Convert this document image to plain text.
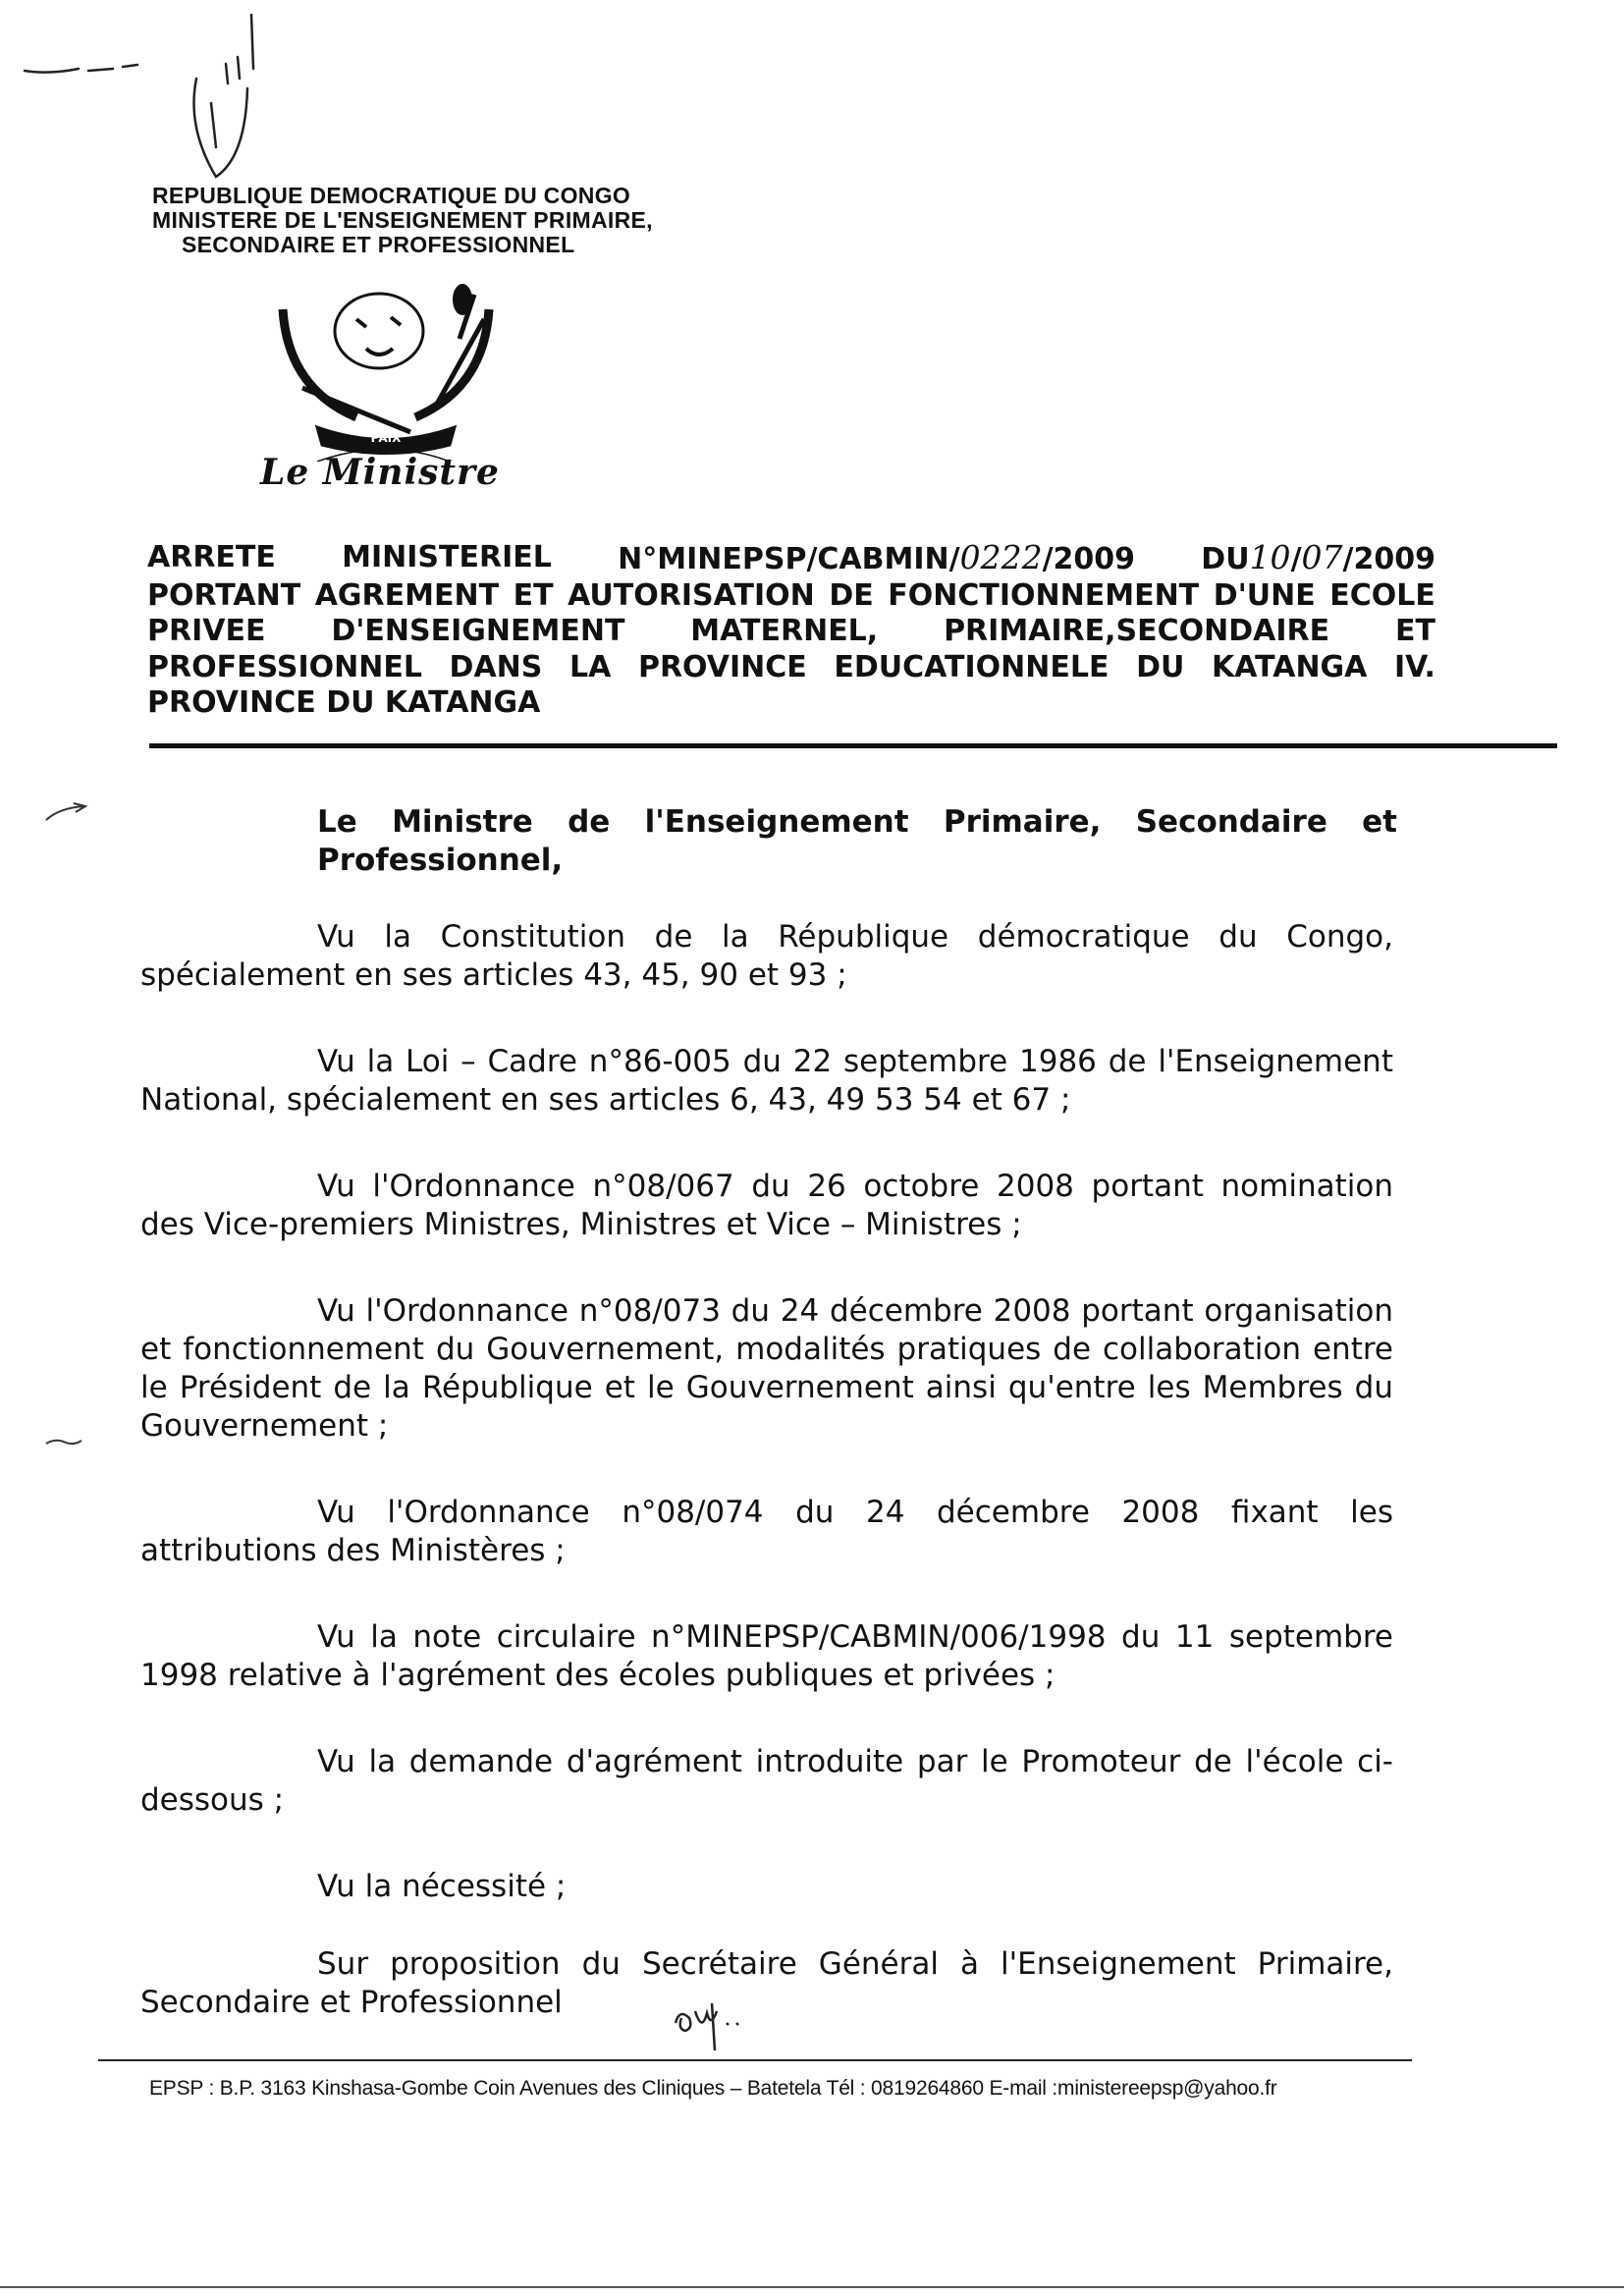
REPUBLIQUE DEMOCRATIQUE DU CONGO
MINISTERE DE L'ENSEIGNEMENT PRIMAIRE,
SECONDAIRE ET PROFESSIONNEL
PAIX
Le Ministre
ARRETE MINISTERIEL N°MINEPSP/CABMIN/0222/2009 DU10/07/2009
PORTANT AGREMENT ET AUTORISATION DE FONCTIONNEMENT D'UNE ECOLE
PRIVEE D'ENSEIGNEMENT MATERNEL, PRIMAIRE,SECONDAIRE ET
PROFESSIONNEL DANS LA PROVINCE EDUCATIONNELE DU KATANGA IV.
PROVINCE DU KATANGA
Le Ministre de l'Enseignement Primaire, Secondaire et Professionnel,

Vu la Constitution de la République démocratique du Congo, spécialement en ses articles 43, 45, 90 et 93 ;

Vu la Loi – Cadre n°86-005 du 22 septembre 1986 de l'Enseignement National, spécialement en ses articles 6, 43, 49 53 54 et 67 ;

Vu l'Ordonnance n°08/067 du 26 octobre 2008 portant nomination des Vice-premiers Ministres, Ministres et Vice – Ministres ;

Vu l'Ordonnance n°08/073 du 24 décembre 2008 portant organisation et fonctionnement du Gouvernement, modalités pratiques de collaboration entre le Président de la République et le Gouvernement ainsi qu'entre les Membres du Gouvernement ;

Vu l'Ordonnance n°08/074 du 24 décembre 2008 fixant les attributions des Ministères ;

Vu la note circulaire n°MINEPSP/CABMIN/006/1998 du 11 septembre 1998 relative à l'agrément des écoles publiques et privées ;

Vu la demande d'agrément introduite par le Promoteur de l'école ci-dessous ;

Vu la nécessité ;

Sur proposition du Secrétaire Général à l'Enseignement Primaire, Secondaire et Professionnel

EPSP : B.P. 3163 Kinshasa-Gombe Coin Avenues des Cliniques – Batetela Tél : 0819264860 E-mail :ministereepsp@yahoo.fr
